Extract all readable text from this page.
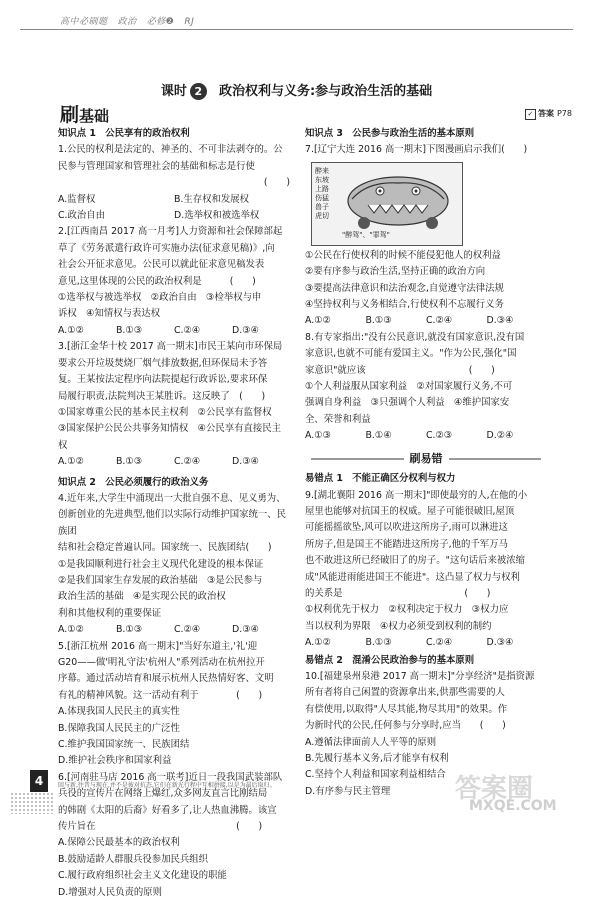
高中必刷题 政治 必修❷ RJ
课时 2 政治权利与义务:参与政治生活的基础
刷基础	✓ 答案 P78
知识点 1　公民享有的政治权利
1.公民的权利是法定的、神圣的、不可非法剥夺的。公
民参与管理国家和管理社会的基础和标志是行使
(　　)
A.监督权	B.生存权和发展权
C.政治自由	D.选举权和被选举权
2.[江西南昌 2017 高一月考]人力资源和社会保障部起
草了《劳务派遣行政许可实施办法(征求意见稿)》,向
社会公开征求意见。公民可以就此征求意见稿发表
意见,这里体现的公民的政治权利是　　　(　　)
①选举权与被选举权　②政治自由　③检举权与申
诉权　④知情权与表达权
A.①②	B.①③	C.②④	D.③④
3.[浙江金华十校 2017 高一期末]市民王某向市环保局
要求公开垃圾焚烧厂烟气排放数据,但环保局未予答
复。王某按法定程序向法院提起行政诉讼,要求环保
局履行职责,法院判决王某胜诉。这反映了　(　　)
①国家尊重公民的基本民主权利　②公民享有监督权
③国家保护公民公共事务知情权　④公民享有直接民主权
A.①②	B.①③	C.②④	D.③④
知识点 2　公民必须履行的政治义务
4.近年来,大学生中涌现出一大批自强不息、见义勇为、
创新创业的先进典型,他们以实际行动维护国家统一、民族团
结和社会稳定普遍认同。国家统一、民族团结(　　)
①是我国顺利进行社会主义现代化建设的根本保证
②是我们国家生存发展的政治基础　③是公民参与
政治生活的基础　④是实现公民的政治权
利和其他权利的重要保证
A.①②	B.①③	C.②④	D.③④
5.[浙江杭州 2016 高一期末]"当好东道主,'礼'迎
G20——做'明礼守法'杭州人"系列活动在杭州拉开
序幕。通过活动培育和展示杭州人民热情好客、文明
有礼的精神风貌。这一活动有利于　　　　(　　)
A.体现我国人民民主的真实性
B.保障我国人民民主的广泛性
C.维护我国国家统一、民族团结
D.维护社会秩序和国家利益
6.[河南驻马店 2016 高一联考]近日一段我国武装部队
兵役的宣传片在网络上爆红,众多网友直言比刚结局
的韩剧《太阳的后裔》好看多了,让人热血沸腾。该宣
传片旨在　　　　　　　　　　　　　　　(　　)
A.保障公民最基本的政治权利
B.鼓励适龄人群服兵役参加民兵组织
C.履行政府组织社会主义文化建设的职能
D.增强对人民负责的原则
知识点 3　公民参与政治生活的基本原则
7.[辽宁大连 2016 高一期末]下图漫画启示我们(　　)
醉来
东坡
上路
伤猛
兽子
虎切
"醉驾"、"罪驾"
①公民在行使权利的时候不能侵犯他人的权利益
②要有序参与政治生活,坚持正确的政治方向
③要提高法律意识和法治观念,自觉遵守法律法规
④坚持权利与义务相结合,行使权利不忘履行义务
A.①②	B.①③	C.②④	D.③④
8.有专家指出:"没有公民意识,就没有国家意识,没有国
家意识,也就不可能有爱国主义。"作为公民,强化"国
家意识"就应该　　　　　　　　　　　(　　)
①个人利益服从国家利益　②对国家履行义务,不可
强调自身利益　③只强调个人利益　④维护国家安
全、荣誉和利益
A.①③	B.①④	C.②③	D.②④
刷易错
易错点 1　不能正确区分权利与权力
9.[湖北襄阳 2016 高一期末]"即使最穷的人,在他的小
屋里也能够对抗国王的权威。屋子可能很破旧,屋顶
可能摇摇欲坠,风可以吹进这所房子,雨可以淋进这
所房子,但是国王不能踏进这所房子,他的千军万马
也不敢进这所已经破旧了的房子。"这句话后来被浓缩
成"风能进雨能进国王不能进"。这凸显了权力与权利
的关系是　　　　　　　　　　　　　(　　)
①权利优先于权力　②权利决定于权力　③权力应
当以权利为界限　④权力必须受到权利的制约
A.①②	B.①③	C.②④	D.③④
易错点 2　混淆公民政治参与的基本原则
10.[福建泉州泉港 2017 高一期末]"分享经济"是指资源
所有者将自己闲置的资源拿出来,供那些需要的人
有偿使用,以取得"人尽其能,物尽其用"的效果。作
为新时代的公民,任何参与分享时,应当　　(　　)
A.遵循法律面前人人平等的原则
B.先履行基本义务,后才能享有权利
C.坚持个人利益和国家利益相结合
D.有序参与民主管理
4	回与新,往昔与现在,并不是彼对抗态,它们在新光行程中互相拼接,以是为最后取归。	答案圈
MXQE.COM
